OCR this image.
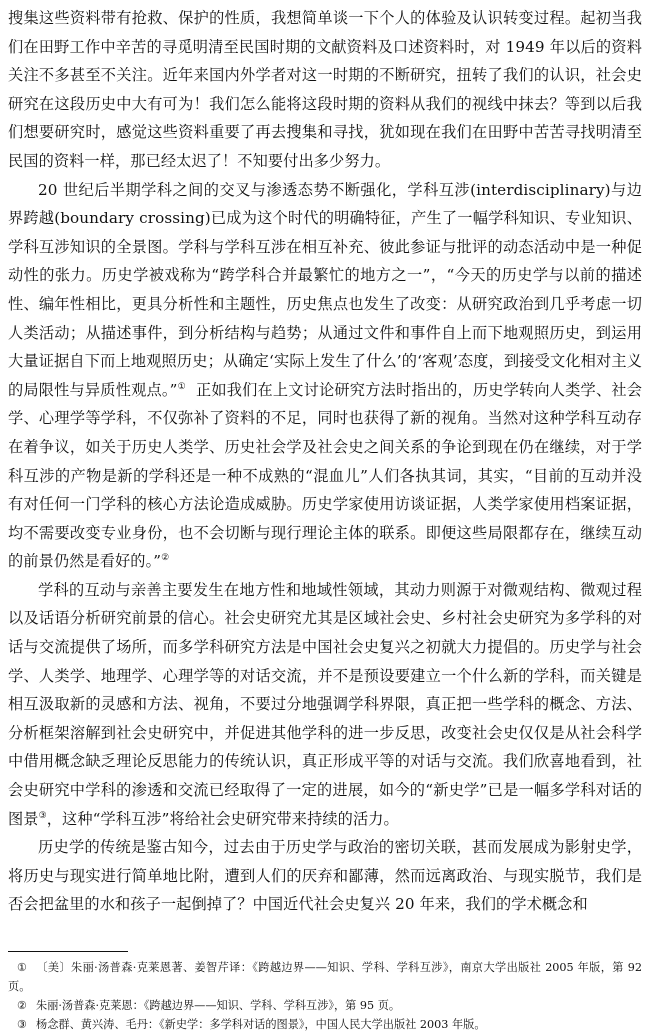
搜集这些资料带有抢救、保护的性质，我想简单谈一下个人的体验及认识转变过程。起初当我们在田野工作中辛苦的寻觅明清至民国时期的文献资料及口述资料时，对 1949 年以后的资料关注不多甚至不关注。近年来国内外学者对这一时期的不断研究，扭转了我们的认识，社会史研究在这段历史中大有可为！我们怎么能将这段时期的资料从我们的视线中抹去？等到以后我们想要研究时，感觉这些资料重要了再去搜集和寻找，犹如现在我们在田野中苦苦寻找明清至民国的资料一样，那已经太迟了！不知要付出多少努力。

20 世纪后半期学科之间的交叉与渗透态势不断强化，学科互涉(interdisciplinary)与边界跨越(boundary crossing)已成为这个时代的明确特征，产生了一幅学科知识、专业知识、学科互涉知识的全景图。学科与学科互涉在相互补充、彼此参证与批评的动态活动中是一种促动性的张力。历史学被戏称为“跨学科合并最繁忙的地方之一”，“今天的历史学与以前的描述性、编年性相比，更具分析性和主题性，历史焦点也发生了改变：从研究政治到几乎考虑一切人类活动；从描述事件，到分析结构与趋势；从通过文件和事件自上而下地观照历史，到运用大量证据自下而上地观照历史；从确定‘实际上发生了什么’的‘客观’态度，到接受文化相对主义的局限性与异质性观点。”① 正如我们在上文讨论研究方法时指出的，历史学转向人类学、社会学、心理学等学科，不仅弥补了资料的不足，同时也获得了新的视角。当然对这种学科互动存在着争议，如关于历史人类学、历史社会学及社会史之间关系的争论到现在仍在继续，对于学科互涉的产物是新的学科还是一种不成熟的“混血儿”人们各执其词，其实，“目前的互动并没有对任何一门学科的核心方法论造成威胁。历史学家使用访谈证据，人类学家使用档案证据，均不需要改变专业身份，也不会切断与现行理论主体的联系。即便这些局限都存在，继续互动的前景仍然是看好的。”②

学科的互动与亲善主要发生在地方性和地域性领域，其动力则源于对微观结构、微观过程以及话语分析研究前景的信心。社会史研究尤其是区域社会史、乡村社会史研究为多学科的对话与交流提供了场所，而多学科研究方法是中国社会史复兴之初就大力提倡的。历史学与社会学、人类学、地理学、心理学等的对话交流，并不是预设要建立一个什么新的学科，而关键是相互汲取新的灵感和方法、视角，不要过分地强调学科界限，真正把一些学科的概念、方法、分析框架溶解到社会史研究中，并促进其他学科的进一步反思，改变社会史仅仅是从社会科学中借用概念缺乏理论反思能力的传统认识，真正形成平等的对话与交流。我们欣喜地看到，社会史研究中学科的渗透和交流已经取得了一定的进展，如今的“新史学”已是一幅多学科对话的图景③，这种“学科互涉”将给社会史研究带来持续的活力。

历史学的传统是鉴古知今，过去由于历史学与政治的密切关联，甚而发展成为影射史学，将历史与现实进行简单地比附，遭到人们的厌弃和鄙薄，然而远离政治、与现实脱节，我们是否会把盆里的水和孩子一起倒掉了？中国近代社会史复兴 20 年来，我们的学术概念和

① 〔美〕朱丽·汤普森·克莱恩著、姜智芹译：《跨越边界——知识、学科、学科互涉》，南京大学出版社 2005 年版，第 92 页。

② 朱丽·汤普森·克莱恩：《跨越边界——知识、学科、学科互涉》，第 95 页。

③ 杨念群、黄兴涛、毛丹：《新史学：多学科对话的图景》，中国人民大学出版社 2003 年版。
